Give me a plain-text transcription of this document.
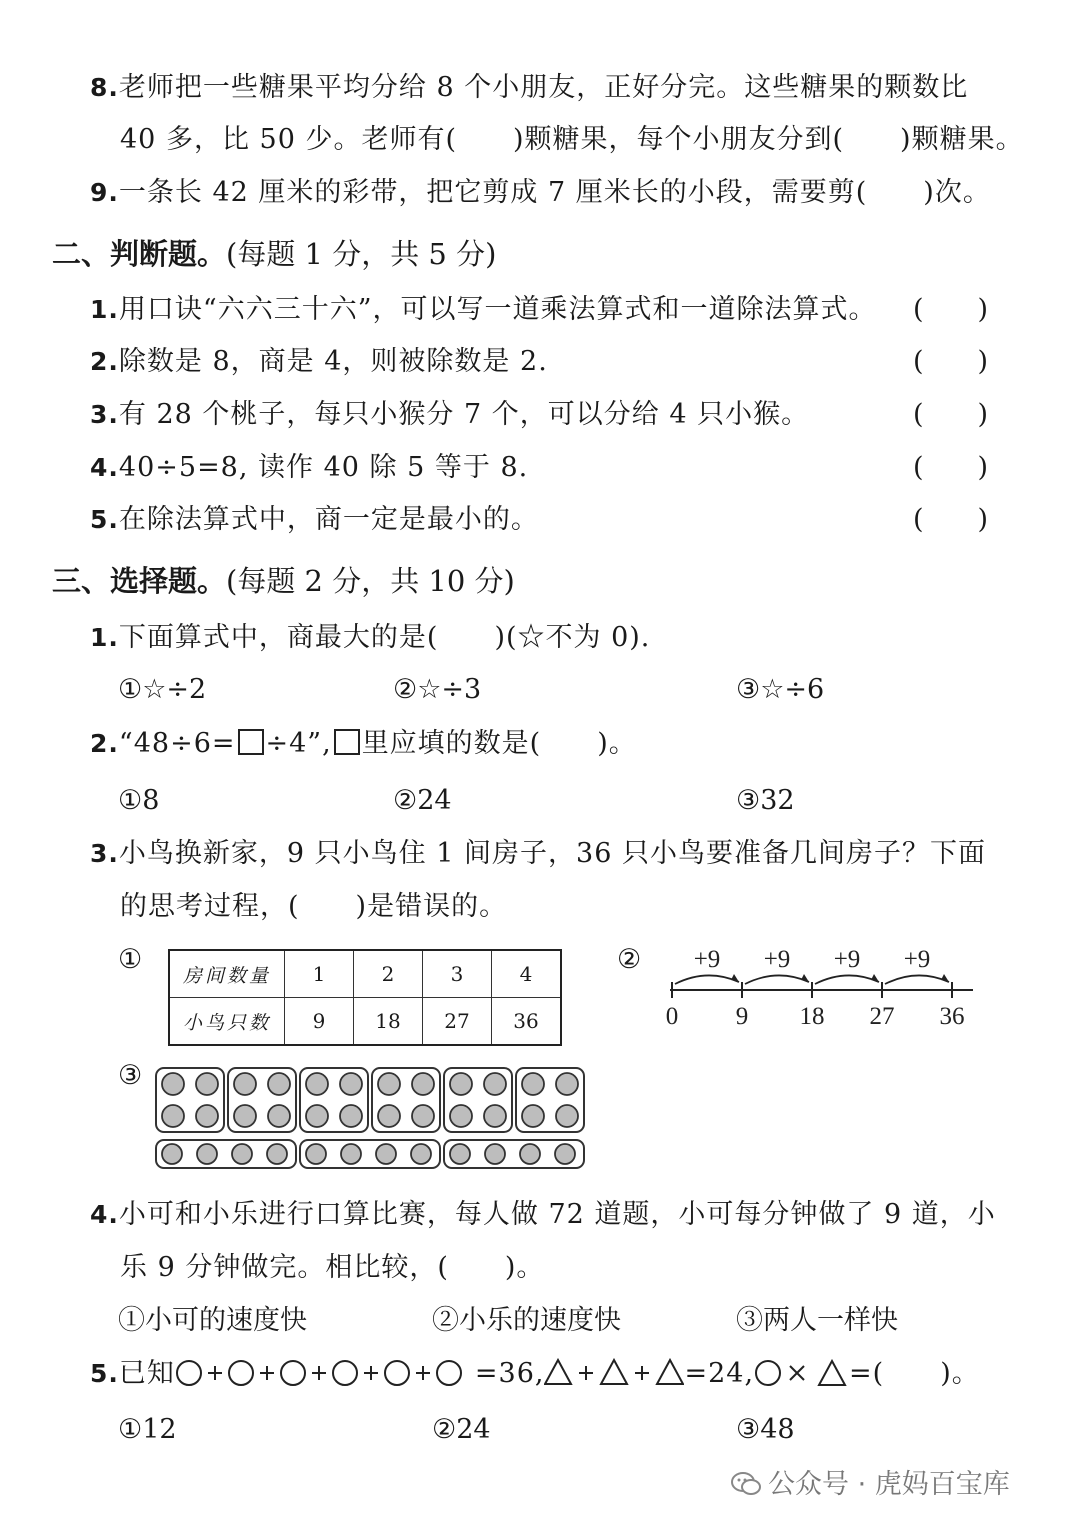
8.老师把一些糖果平均分给 8 个小朋友，正好分完。这些糖果的颗数比
40 多，比 50 少。老师有(　　)颗糖果，每个小朋友分到(　　)颗糖果。
9.一条长 42 厘米的彩带，把它剪成 7 厘米长的小段，需要剪(　　)次。
二、判断题。(每题 1 分，共 5 分)
1.用口诀“六六三十六”，可以写一道乘法算式和一道除法算式。 (　　)
2.除数是 8，商是 4，则被除数是 2.	(　　)
3.有 28 个桃子，每只小猴分 7 个，可以分给 4 只小猴。	(　　)
4.40÷5=8, 读作 40 除 5 等于 8.	(　　)
5.在除法算式中，商一定是最小的。	(　　)
三、选择题。(每题 2 分，共 10 分)
1.下面算式中，商最大的是(　　)(☆不为 0).
①☆÷2	②☆÷3	③☆÷6
2.“48÷6= ÷4”, 里应填的数是(　　)。
①8	②24	③32
3.小鸟换新家，9 只小鸟住 1 间房子，36 只小鸟要准备几间房子？下面
的思考过程，(　　)是错误的。
①
房间数量	1	2	3	4
小鸟只数	9	18	27	36
② +9 +9 +9 +9
0 9 18 27 36
③
4.小可和小乐进行口算比赛，每人做 72 道题，小可每分钟做了 9 道，小
乐 9 分钟做完。相比较，(　　)。
①小可的速度快	②小乐的速度快	③两人一样快
5.已知	=36,	=24,	=(　　)。
①12	②24	③48
公众号 · 虎妈百宝库
